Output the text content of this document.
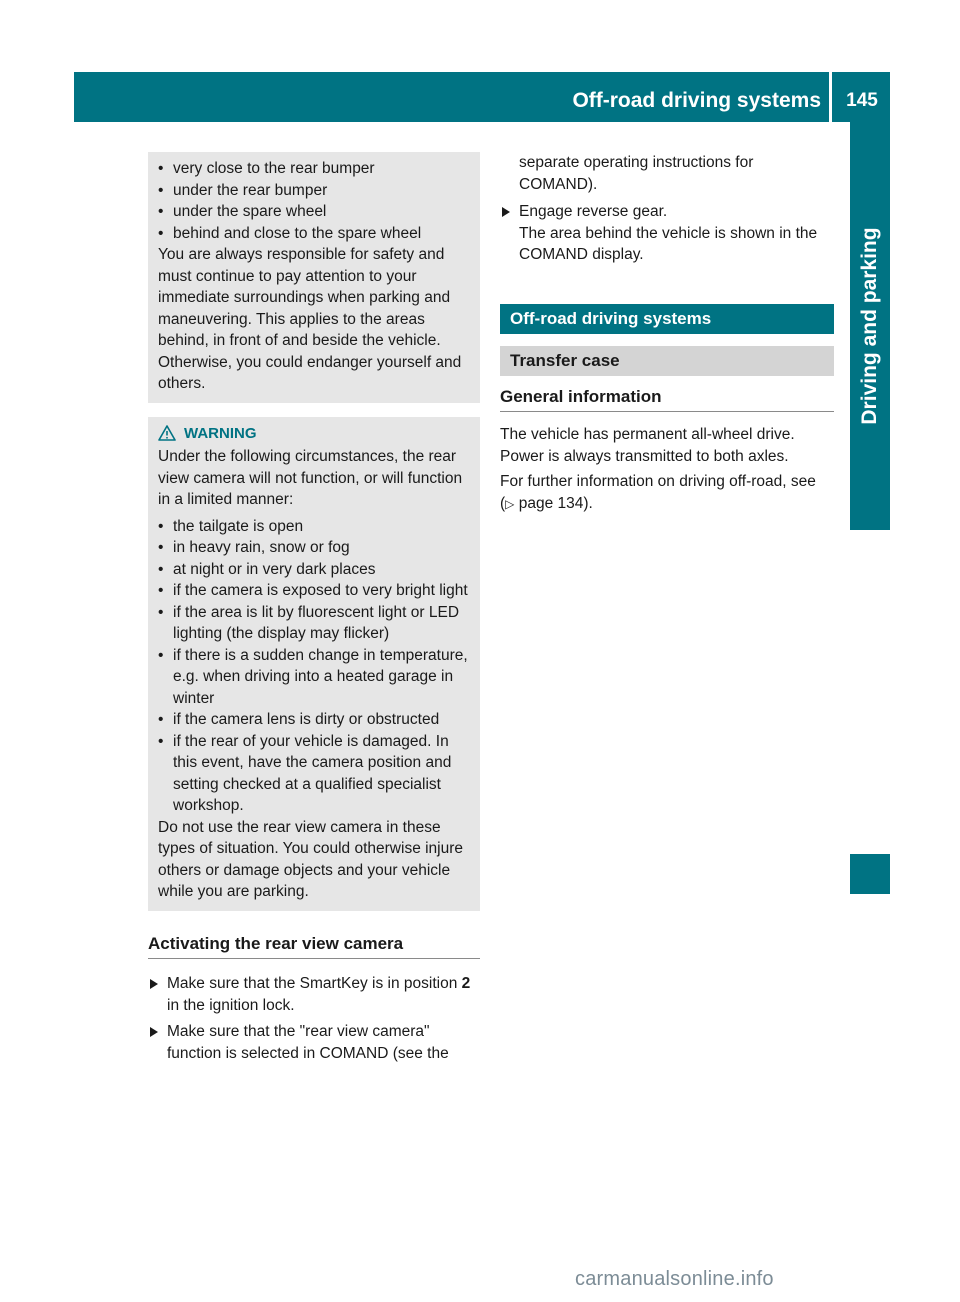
Off-road driving systems	145
Driving and parking

• very close to the rear bumper

• under the rear bumper

• under the spare wheel

• behind and close to the spare wheel

You are always responsible for safety and must continue to pay attention to your immediate surroundings when parking and maneuvering. This applies to the areas behind, in front of and beside the vehicle. Otherwise, you could endanger yourself and others.

WARNING

Under the following circumstances, the rear view camera will not function, or will function in a limited manner:

• the tailgate is open

• in heavy rain, snow or fog

• at night or in very dark places

• if the camera is exposed to very bright light

• if the area is lit by fluorescent light or LED lighting (the display may flicker)

• if there is a sudden change in temperature, e.g. when driving into a heated garage in winter

• if the camera lens is dirty or obstructed

• if the rear of your vehicle is damaged. In this event, have the camera position and setting checked at a qualified specialist workshop.

Do not use the rear view camera in these types of situation. You could otherwise injure others or damage objects and your vehicle while you are parking.

Activating the rear view camera
Make sure that the SmartKey is in position 2 in the ignition lock.
Make sure that the "rear view camera" function is selected in COMAND (see the

separate operating instructions for COMAND).

Engage reverse gear.
The area behind the vehicle is shown in the COMAND display.
Off-road driving systems
Transfer case
General information

The vehicle has permanent all-wheel drive. Power is always transmitted to both axles.

For further information on driving off-road, see (▷ page 134).

carmanualsonline.info
